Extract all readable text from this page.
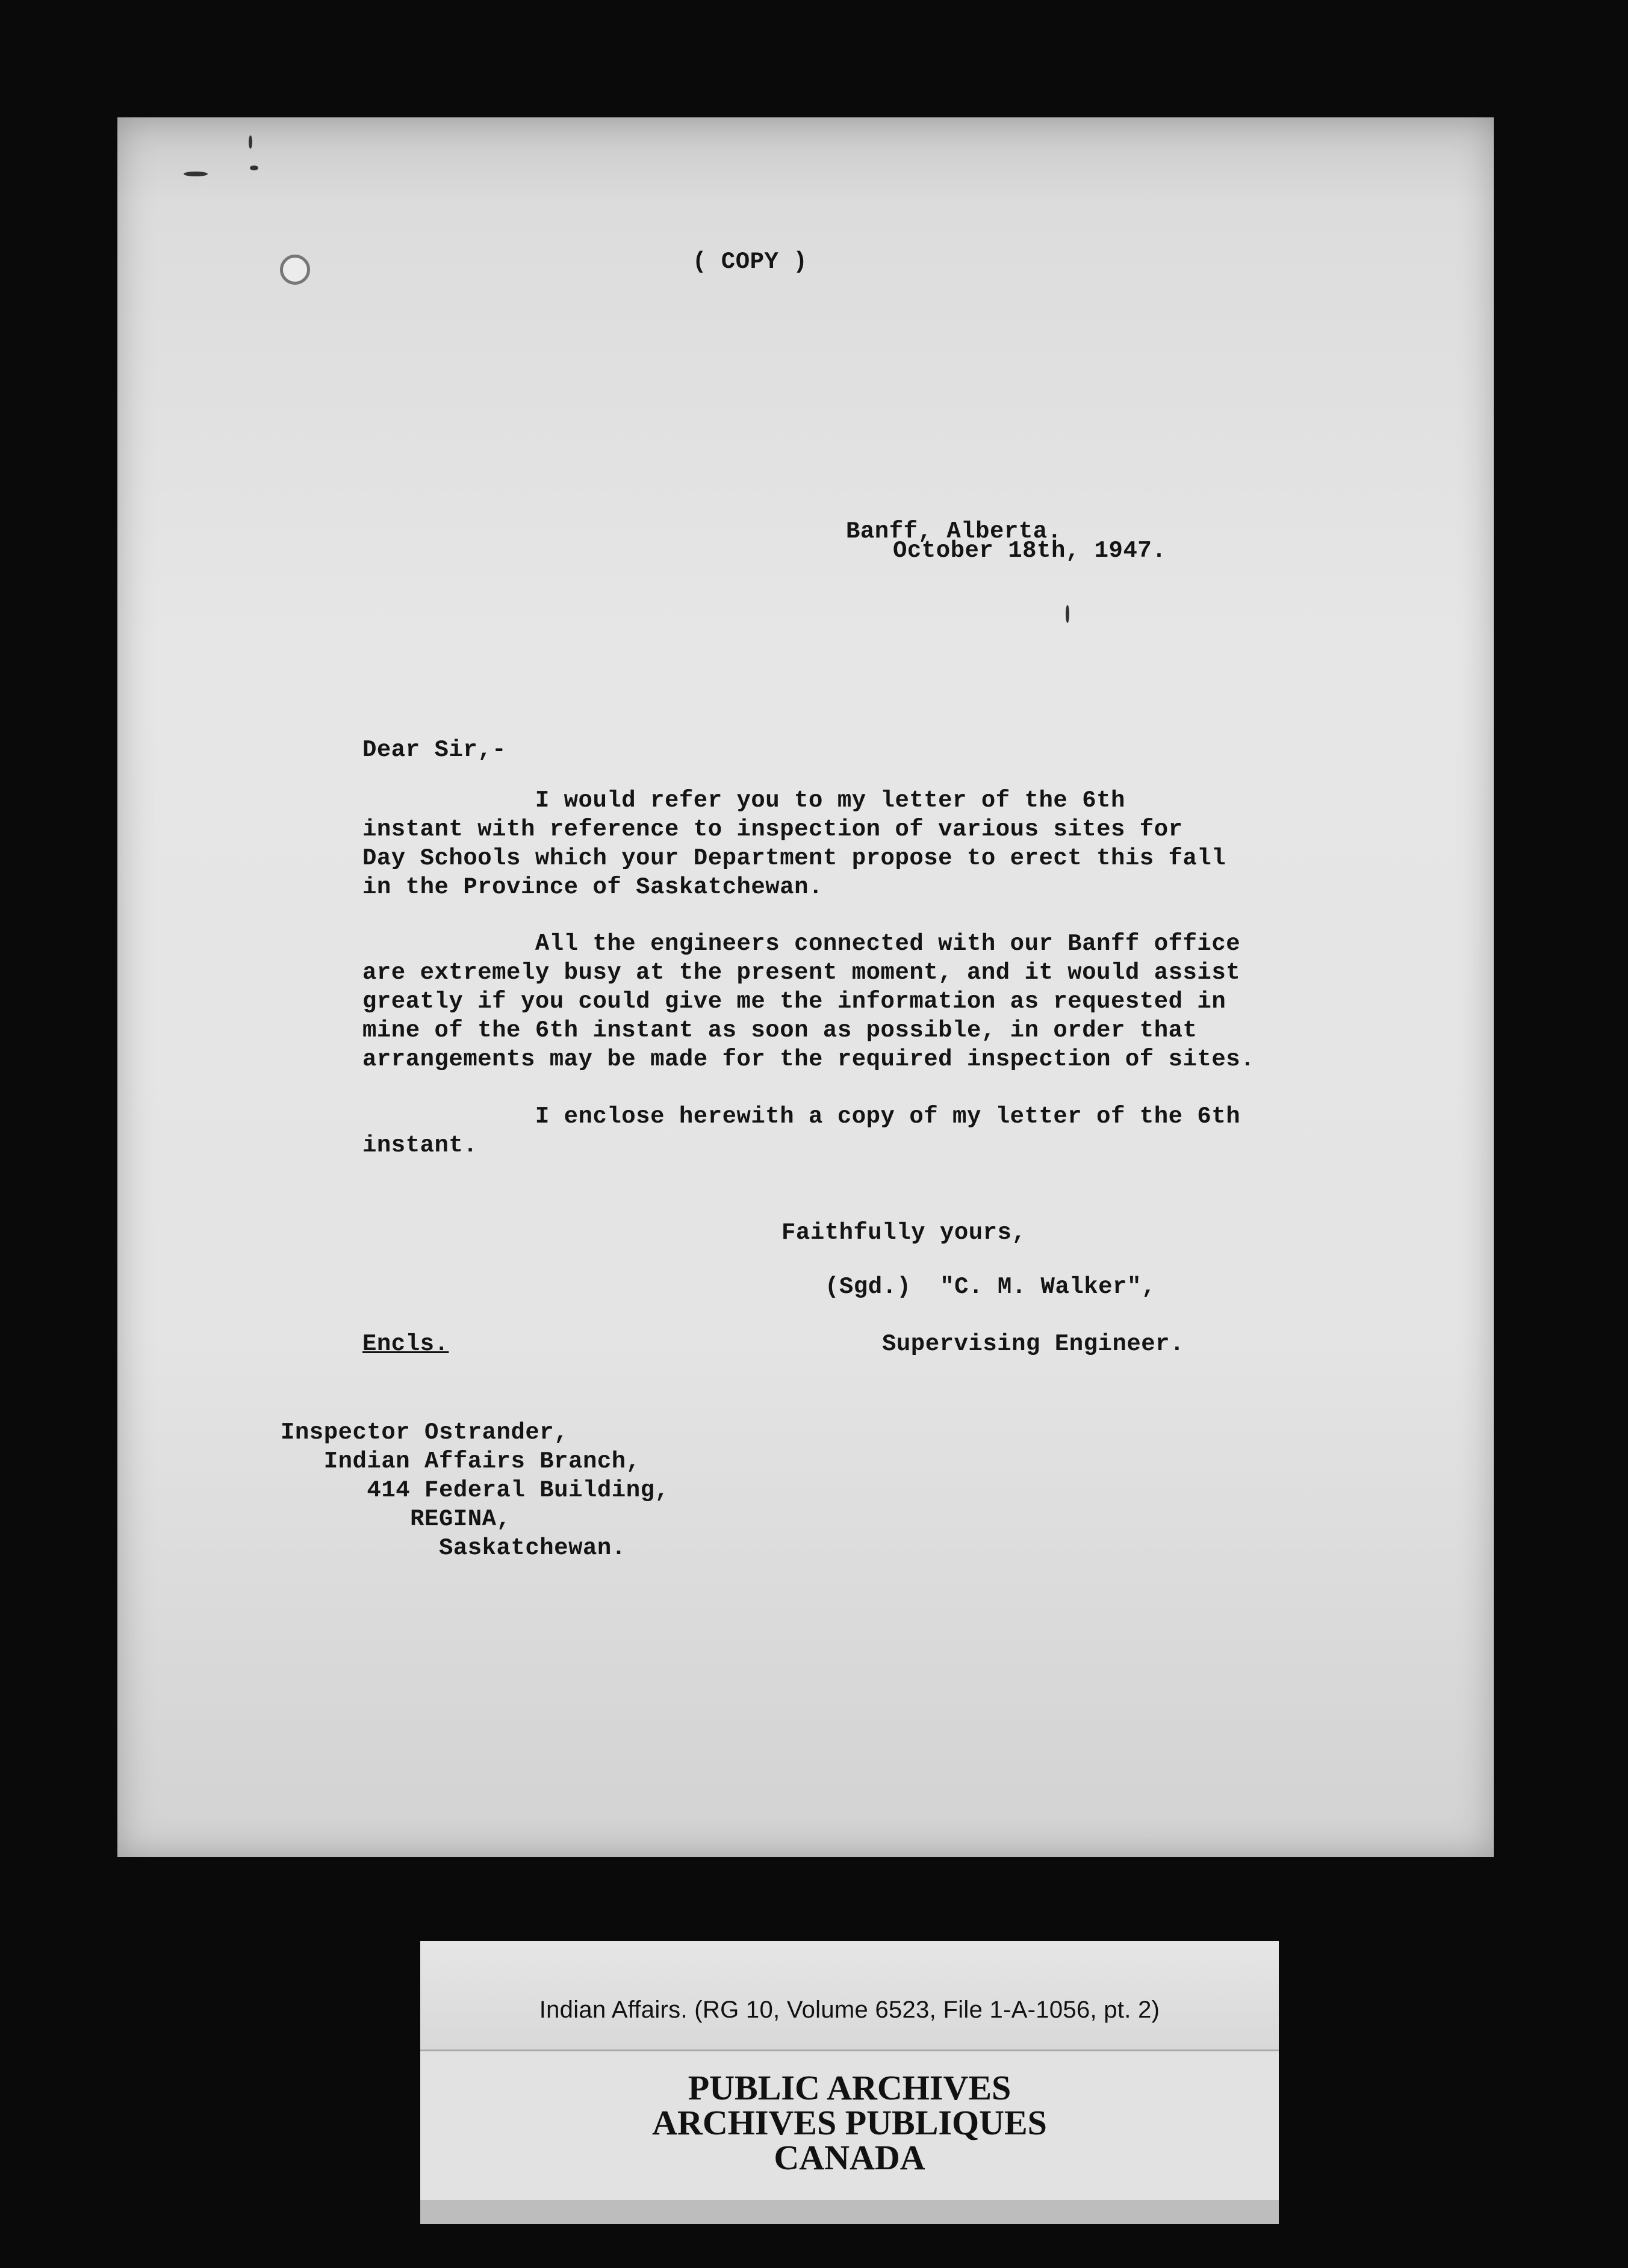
( COPY )
Banff, Alberta.
October 18th, 1947.
Dear Sir,-
I would refer you to my letter of the 6th
instant with reference to inspection of various sites for
Day Schools which your Department propose to erect this fall
in the Province of Saskatchewan.
All the engineers connected with our Banff office
are extremely busy at the present moment, and it would assist
greatly if you could give me the information as requested in
mine of the 6th instant as soon as possible, in order that
arrangements may be made for the required inspection of sites.
I enclose herewith a copy of my letter of the 6th
instant.
Faithfully yours,
(Sgd.)  "C. M. Walker",
Supervising Engineer.
Encls.
Inspector Ostrander,
Indian Affairs Branch,
414 Federal Building,
REGINA,
Saskatchewan.
Indian Affairs. (RG 10, Volume 6523, File 1-A-1056, pt. 2)
PUBLIC ARCHIVES
ARCHIVES PUBLIQUES
CANADA
